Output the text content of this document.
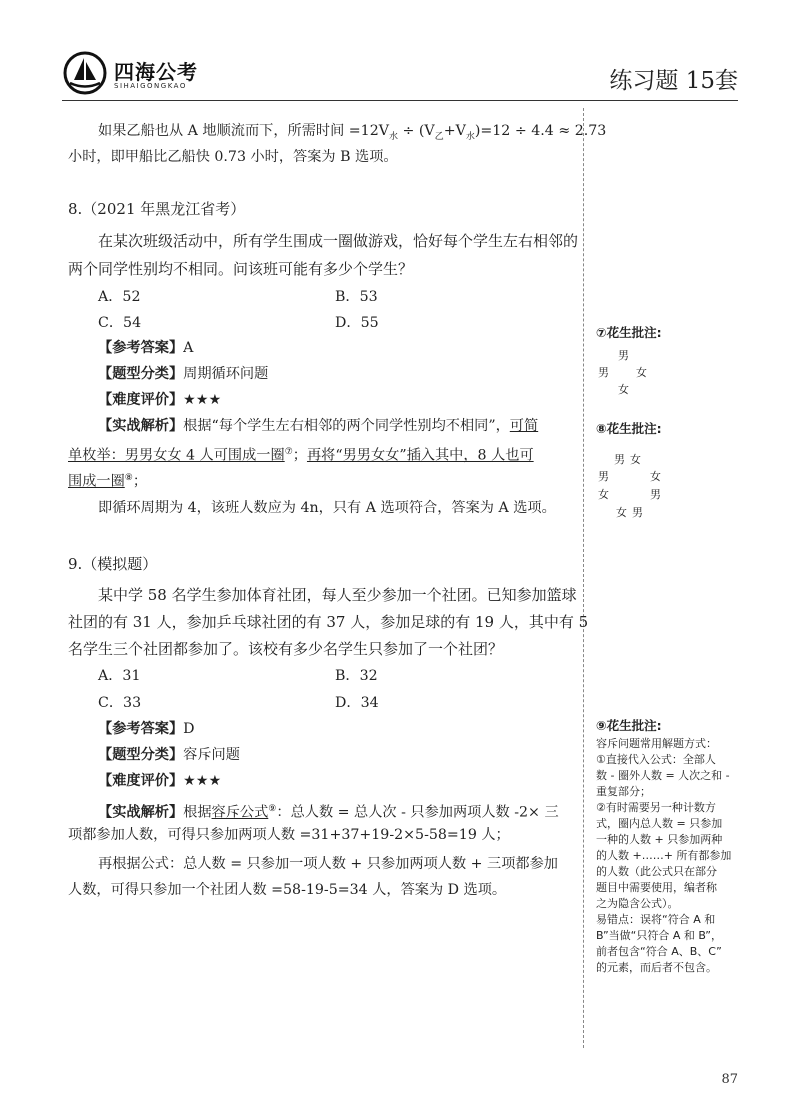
四海公考
SIHAIGONGKAO	练习题 15套
如果乙船也从 A 地顺流而下，所需时间 $=12V_水 \div (V_乙+V_水)=12 \div 4.4 \approx 2.73$
小时，即甲船比乙船快 0.73 小时，答案为 B 选项。
8.（2021 年黑龙江省考）
在某次班级活动中，所有学生围成一圈做游戏，恰好每个学生左右相邻的
两个同学性别均不相同。问该班可能有多少个学生？
A．52	B．53
C．54	D．55
【参考答案】A
【题型分类】周期循环问题
【难度评价】★★★
【实战解析】根据“每个学生左右相邻的两个同学性别均不相同”，可简
单枚举：男男女女 4 人可围成一圈⑦；再将“男男女女”插入其中，8 人也可
围成一圈⑧；
即循环周期为 4，该班人数应为 4n，只有 A 选项符合，答案为 A 选项。
9.（模拟题）
某中学 58 名学生参加体育社团，每人至少参加一个社团。已知参加篮球
社团的有 31 人，参加乒乓球社团的有 37 人，参加足球的有 19 人，其中有 5
名学生三个社团都参加了。该校有多少名学生只参加了一个社团？
A．31	B．32
C．33	D．34
【参考答案】D
【题型分类】容斥问题
【难度评价】★★★
【实战解析】根据容斥公式⑨：总人数 = 总人次 - 只参加两项人数 -2× 三
项都参加人数，可得只参加两项人数 =31+37+19-2×5-58=19 人；
再根据公式：总人数 = 只参加一项人数 + 只参加两项人数 + 三项都参加
人数，可得只参加一个社团人数 =58-19-5=34 人，答案为 D 选项。
⑦花生批注:
男
男 女
女
⑧花生批注:
男 女
男	女
女	男
女 男
⑨花生批注:
容斥问题常用解题方式：
①直接代入公式：全部人
数 - 圈外人数 = 人次之和 -
重复部分；
②有时需要另一种计数方
式，圈内总人数 = 只参加
一种的人数 + 只参加两种
的人数 +……+ 所有都参加
的人数（此公式只在部分
题目中需要使用，编者称
之为隐含公式）。
易错点：误将“符合 A 和
B”当做“只符合 A 和 B”，
前者包含“符合 A、B、C”
的元素，而后者不包含。
87
